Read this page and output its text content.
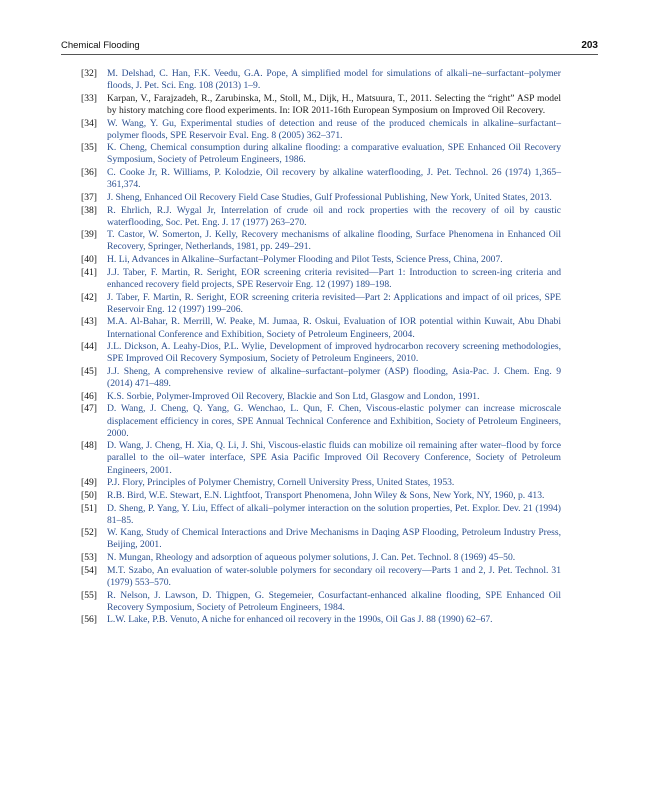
Chemical Flooding	203
[32]	M. Delshad, C. Han, F.K. Veedu, G.A. Pope, A simplified model for simulations of alkali–ne–surfactant–polymer floods, J. Pet. Sci. Eng. 108 (2013) 1–9.
[33]	Karpan, V., Farajzadeh, R., Zarubinska, M., Stoll, M., Dijk, H., Matsuura, T., 2011. Selecting the “right” ASP model by history matching core flood experiments. In: IOR 2011-16th European Symposium on Improved Oil Recovery.
[34]	W. Wang, Y. Gu, Experimental studies of detection and reuse of the produced chemicals in alkaline–surfactant–polymer floods, SPE Reservoir Eval. Eng. 8 (2005) 362–371.
[35]	K. Cheng, Chemical consumption during alkaline flooding: a comparative evaluation, SPE Enhanced Oil Recovery Symposium, Society of Petroleum Engineers, 1986.
[36]	C. Cooke Jr, R. Williams, P. Kolodzie, Oil recovery by alkaline waterflooding, J. Pet. Technol. 26 (1974) 1,365–361,374.
[37]	J. Sheng, Enhanced Oil Recovery Field Case Studies, Gulf Professional Publishing, New York, United States, 2013.
[38]	R. Ehrlich, R.J. Wygal Jr, Interrelation of crude oil and rock properties with the recovery of oil by caustic waterflooding, Soc. Pet. Eng. J. 17 (1977) 263–270.
[39]	T. Castor, W. Somerton, J. Kelly, Recovery mechanisms of alkaline flooding, Surface Phenomena in Enhanced Oil Recovery, Springer, Netherlands, 1981, pp. 249–291.
[40]	H. Li, Advances in Alkaline–Surfactant–Polymer Flooding and Pilot Tests, Science Press, China, 2007.
[41]	J.J. Taber, F. Martin, R. Seright, EOR screening criteria revisited—Part 1: Introduction to screen-ing criteria and enhanced recovery field projects, SPE Reservoir Eng. 12 (1997) 189–198.
[42]	J. Taber, F. Martin, R. Seright, EOR screening criteria revisited—Part 2: Applications and impact of oil prices, SPE Reservoir Eng. 12 (1997) 199–206.
[43]	M.A. Al-Bahar, R. Merrill, W. Peake, M. Jumaa, R. Oskui, Evaluation of IOR potential within Kuwait, Abu Dhabi International Conference and Exhibition, Society of Petroleum Engineers, 2004.
[44]	J.L. Dickson, A. Leahy-Dios, P.L. Wylie, Development of improved hydrocarbon recovery screening methodologies, SPE Improved Oil Recovery Symposium, Society of Petroleum Engineers, 2010.
[45]	J.J. Sheng, A comprehensive review of alkaline–surfactant–polymer (ASP) flooding, Asia-Pac. J. Chem. Eng. 9 (2014) 471–489.
[46]	K.S. Sorbie, Polymer-Improved Oil Recovery, Blackie and Son Ltd, Glasgow and London, 1991.
[47]	D. Wang, J. Cheng, Q. Yang, G. Wenchao, L. Qun, F. Chen, Viscous-elastic polymer can increase microscale displacement efficiency in cores, SPE Annual Technical Conference and Exhibition, Society of Petroleum Engineers, 2000.
[48]	D. Wang, J. Cheng, H. Xia, Q. Li, J. Shi, Viscous-elastic fluids can mobilize oil remaining after water–flood by force parallel to the oil–water interface, SPE Asia Pacific Improved Oil Recovery Conference, Society of Petroleum Engineers, 2001.
[49]	P.J. Flory, Principles of Polymer Chemistry, Cornell University Press, United States, 1953.
[50]	R.B. Bird, W.E. Stewart, E.N. Lightfoot, Transport Phenomena, John Wiley & Sons, New York, NY, 1960, p. 413.
[51]	D. Sheng, P. Yang, Y. Liu, Effect of alkali–polymer interaction on the solution properties, Pet. Explor. Dev. 21 (1994) 81–85.
[52]	W. Kang, Study of Chemical Interactions and Drive Mechanisms in Daqing ASP Flooding, Petroleum Industry Press, Beijing, 2001.
[53]	N. Mungan, Rheology and adsorption of aqueous polymer solutions, J. Can. Pet. Technol. 8 (1969) 45–50.
[54]	M.T. Szabo, An evaluation of water-soluble polymers for secondary oil recovery—Parts 1 and 2, J. Pet. Technol. 31 (1979) 553–570.
[55]	R. Nelson, J. Lawson, D. Thigpen, G. Stegemeier, Cosurfactant-enhanced alkaline flooding, SPE Enhanced Oil Recovery Symposium, Society of Petroleum Engineers, 1984.
[56]	L.W. Lake, P.B. Venuto, A niche for enhanced oil recovery in the 1990s, Oil Gas J. 88 (1990) 62–67.
